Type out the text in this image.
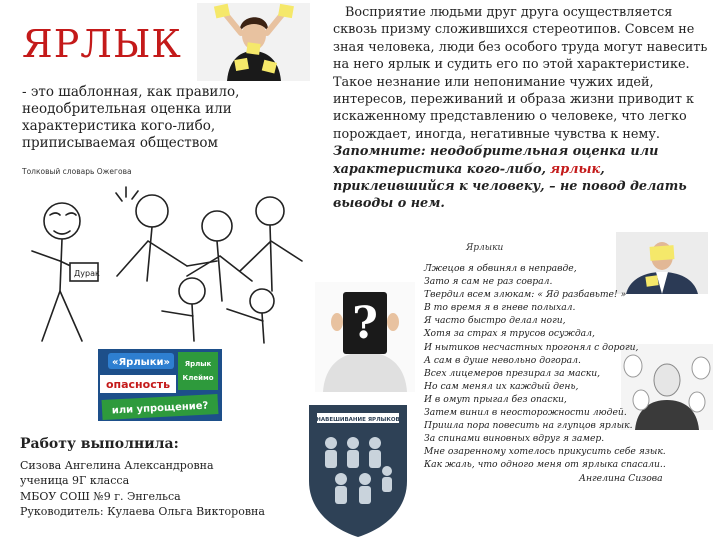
ЯРЛЫК
- это шаблонная, как правило, неодобрительная оценка или характеристика кого-либо, приписываемая обществом
Толковый словарь Ожегова
Восприятие людьми друг друга осуществляется сквозь призму сложившихся стереотипов. Совсем не зная человека, люди без особого труда могут навесить на него ярлык и судить его по этой характеристике. Такое незнание или непонимание чужих идей, интересов, переживаний и образа жизни приводит к искаженному представлению о человеке, что легко порождает, иногда, негативные чувства к нему. Запомните: неодобрительная оценка или характеристика кого-либо, ярлык, приклеившийся к человеку, – не повод делать выводы о нем.
Дурак
«Ярлыки» Ярлык
Клеймо
опасность
или упрощение?
?
НАВЕШИВАНИЕ ЯРЛЫКОВ
Ярлыки
Лжецов я обвинял в неправде,
Зато я сам не раз соврал.
Твердил всем злюкам: « Яд разбавьте! »
В то время я в гневе полыхал.
Я часто быстро делал ноги,
Хотя за страх я трусов осуждал,
И нытиков несчастных прогонял с дороги,
А сам в душе невольно догорал.
Всех лицемеров презирал за маски,
Но сам менял их каждый день,
И в омут прыгал без опаски,
Затем винил в неосторожности людей.
Пришла пора повесить на глупцов ярлык.
За спинами виновных вдруг я замер.
Мне озаренному хотелось прикусить себе язык.
Как жаль, что одного меня от ярлыка спасали..
Ангелина Сизова
Работу выполнила:
Сизова Ангелина Александровна
ученица 9Г класса
МБОУ СОШ №9 г. Энгельса
Руководитель: Кулаева Ольга Викторовна
